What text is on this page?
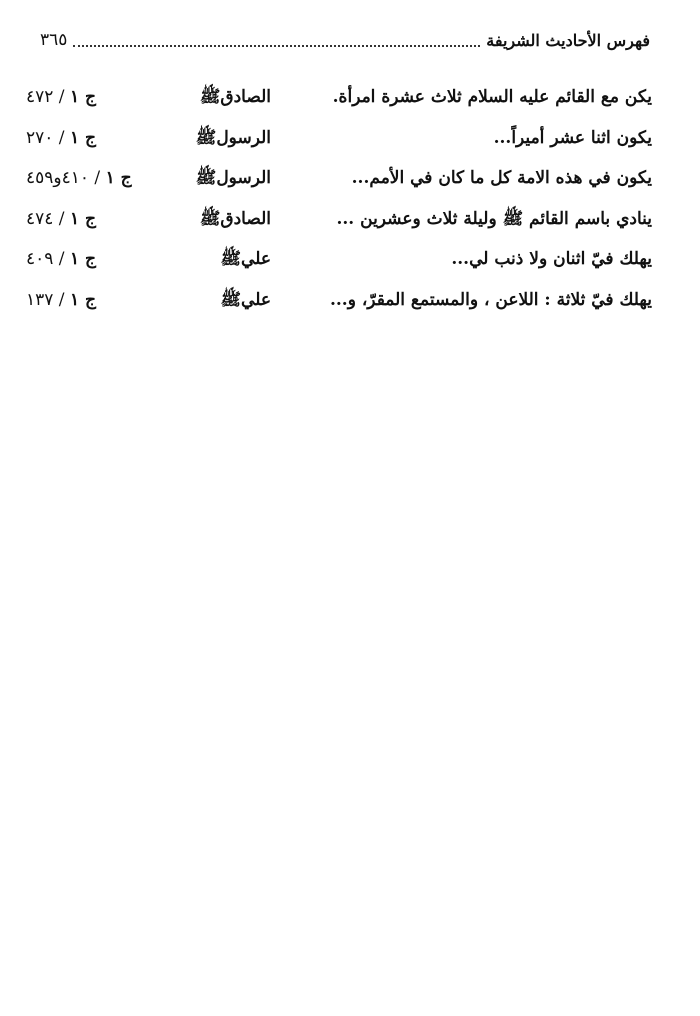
فهرس الأحاديث الشريفة
٣٦٥
يكن مع القائم عليه السلام ثلاث عشرة امرأة.
الصادقﷺ
ج ١ / ٤٧٢
يكون اثنا عشر أميراً...
الرسولﷺ
ج ١ / ٢٧٠
يكون في هذه الامة كل ما كان في الأمم...
الرسولﷺ
ج ١ / ٤١٠و٤٥٩
ينادي باسم القائم ﷺ وليلة ثلاث وعشرين ...
الصادقﷺ
ج ١ / ٤٧٤
يهلك فيّ اثنان ولا ذنب لي...
عليﷺ
ج ١ / ٤٠٩
يهلك فيّ ثلاثة : اللاعن ، والمستمع المقرّ، و...
عليﷺ
ج ١ / ١٣٧
